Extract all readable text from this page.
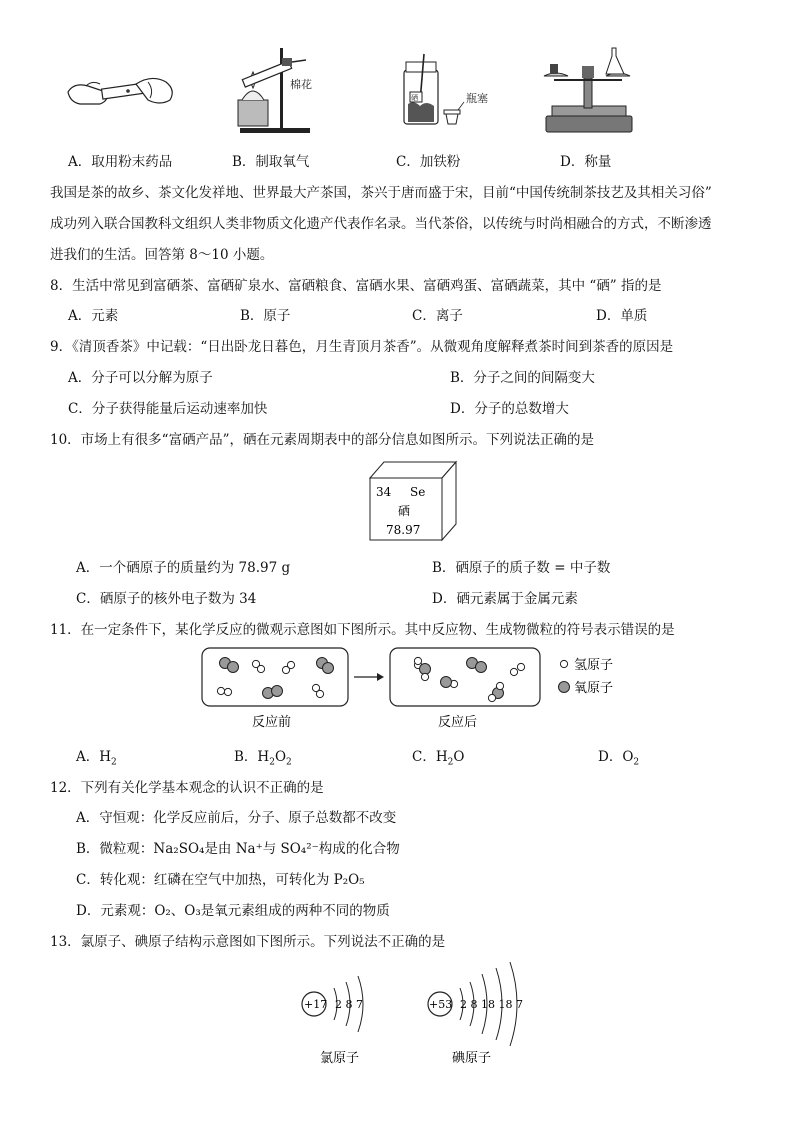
棉花
硒	瓶塞
A．取用粉末药品	B．制取氧气	C．加铁粉	D．称量
我国是茶的故乡、茶文化发祥地、世界最大产茶国，茶兴于唐而盛于宋，目前“中国传统制茶技艺及其相关习俗”
成功列入联合国教科文组织人类非物质文化遗产代表作名录。当代茶俗，以传统与时尚相融合的方式，不断渗透
进我们的生活。回答第 8～10 小题。
8．生活中常见到富硒茶、富硒矿泉水、富硒粮食、富硒水果、富硒鸡蛋、富硒蔬菜，其中 “硒” 指的是
A．元素	B．原子	C．离子	D．单质
9．《清顶香茶》中记载：“日出卧龙日暮色，月生青顶月茶香”。从微观角度解释煮茶时间到茶香的原因是
A．分子可以分解为原子	B．分子之间的间隔变大
C．分子获得能量后运动速率加快	D．分子的总数增大
10．市场上有很多“富硒产品”，硒在元素周期表中的部分信息如图所示。下列说法正确的是
34 Se
硒
78.97
A．一个硒原子的质量约为 78.97 g	B．硒原子的质子数 = 中子数
C．硒原子的核外电子数为 34	D．硒元素属于金属元素
11．在一定条件下，某化学反应的微观示意图如下图所示。其中反应物、生成物微粒的符号表示错误的是
氢原子
氧原子
反应前	反应后
A．$H_2$	B．$H_2O_2$	C．$H_2O$	D．$O_2$
12．下列有关化学基本观念的认识不正确的是
A．守恒观：化学反应前后，分子、原子总数都不改变
B．微粒观：Na₂SO₄是由 Na⁺与 SO₄²⁻构成的化合物
C．转化观：红磷在空气中加热，可转化为 P₂O₅
D．元素观：O₂、O₃是氧元素组成的两种不同的物质
13．氯原子、碘原子结构示意图如下图所示。下列说法不正确的是
+17 2 8 7
氯原子
+53 2 8 18 18 7
碘原子
